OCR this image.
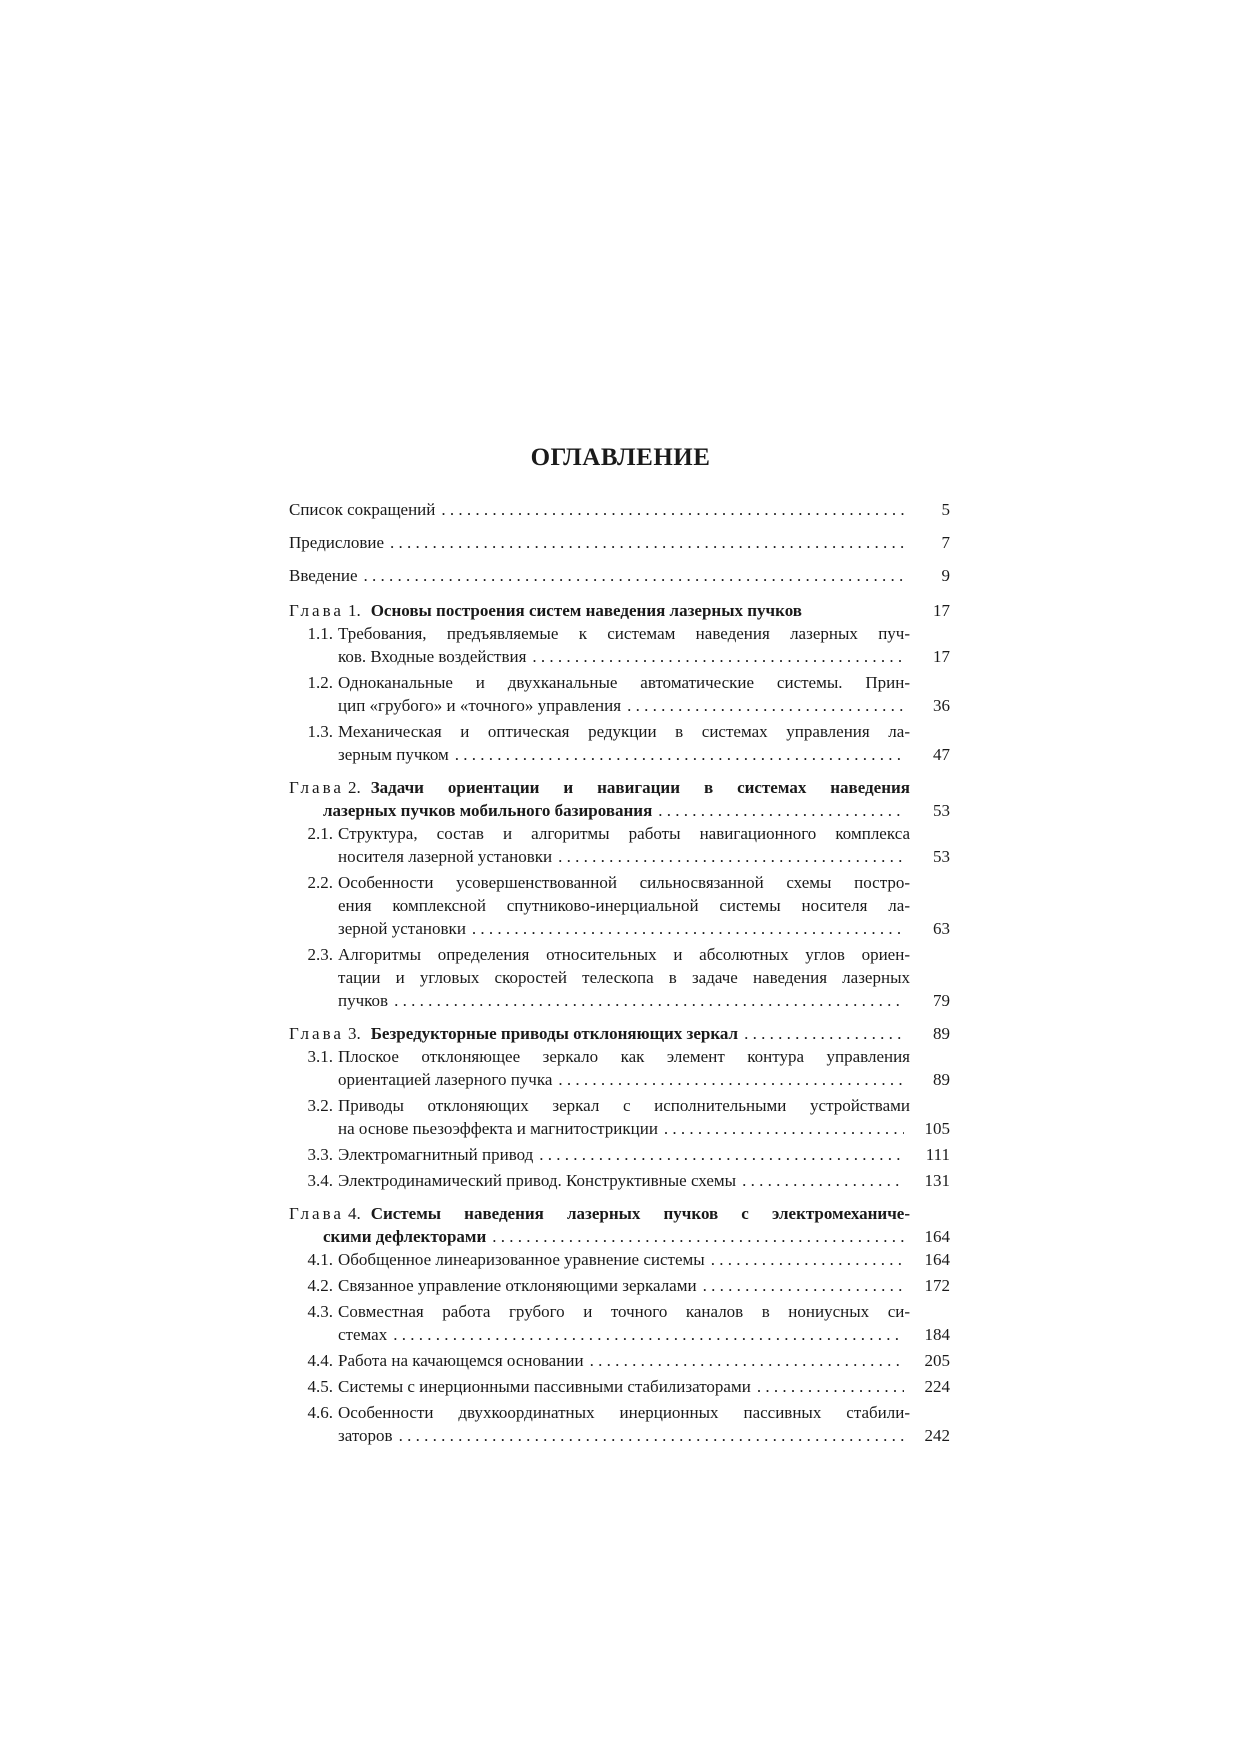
ОГЛАВЛЕНИЕ
Список сокращений . . .	5
Предисловие . . .	7
Введение . . .	9
Глава 1. Основы построения систем наведения лазерных пучков	17
1.1. Требования, предъявляемые к системам наведения лазерных пуч-
ков. Входные воздействия . . .	17
1.2. Одноканальные и двухканальные автоматические системы. Прин-
цип «грубого» и «точного» управления . . .	36
1.3. Механическая и оптическая редукции в системах управления ла-
зерным пучком . . .	47
Глава 2. Задачи ориентации и навигации в системах наведения
лазерных пучков мобильного базирования . . .	53
2.1. Структура, состав и алгоритмы работы навигационного комплекса
носителя лазерной установки . . .	53
2.2. Особенности усовершенствованной сильносвязанной схемы постро-
ения комплексной спутниково-инерциальной системы носителя ла-
зерной установки . . .	63
2.3. Алгоритмы определения относительных и абсолютных углов ориен-
тации и угловых скоростей телескопа в задаче наведения лазерных
пучков . . .	79
Глава 3. Безредукторные приводы отклоняющих зеркал . . .	89
3.1. Плоское отклоняющее зеркало как элемент контура управления
ориентацией лазерного пучка . . .	89
3.2. Приводы отклоняющих зеркал с исполнительными устройствами
на основе пьезоэффекта и магнитострикции . . .	105
3.3. Электромагнитный привод . . .	111
3.4. Электродинамический привод. Конструктивные схемы . . .	131
Глава 4. Системы наведения лазерных пучков с электромеханиче-
скими дефлекторами . . .	164
4.1. Обобщенное линеаризованное уравнение системы . . .	164
4.2. Связанное управление отклоняющими зеркалами . . .	172
4.3. Совместная работа грубого и точного каналов в нониусных си-
стемах . . .	184
4.4. Работа на качающемся основании . . .	205
4.5. Системы с инерционными пассивными стабилизаторами . . .	224
4.6. Особенности двухкоординатных инерционных пассивных стабили-
заторов . . .	242
